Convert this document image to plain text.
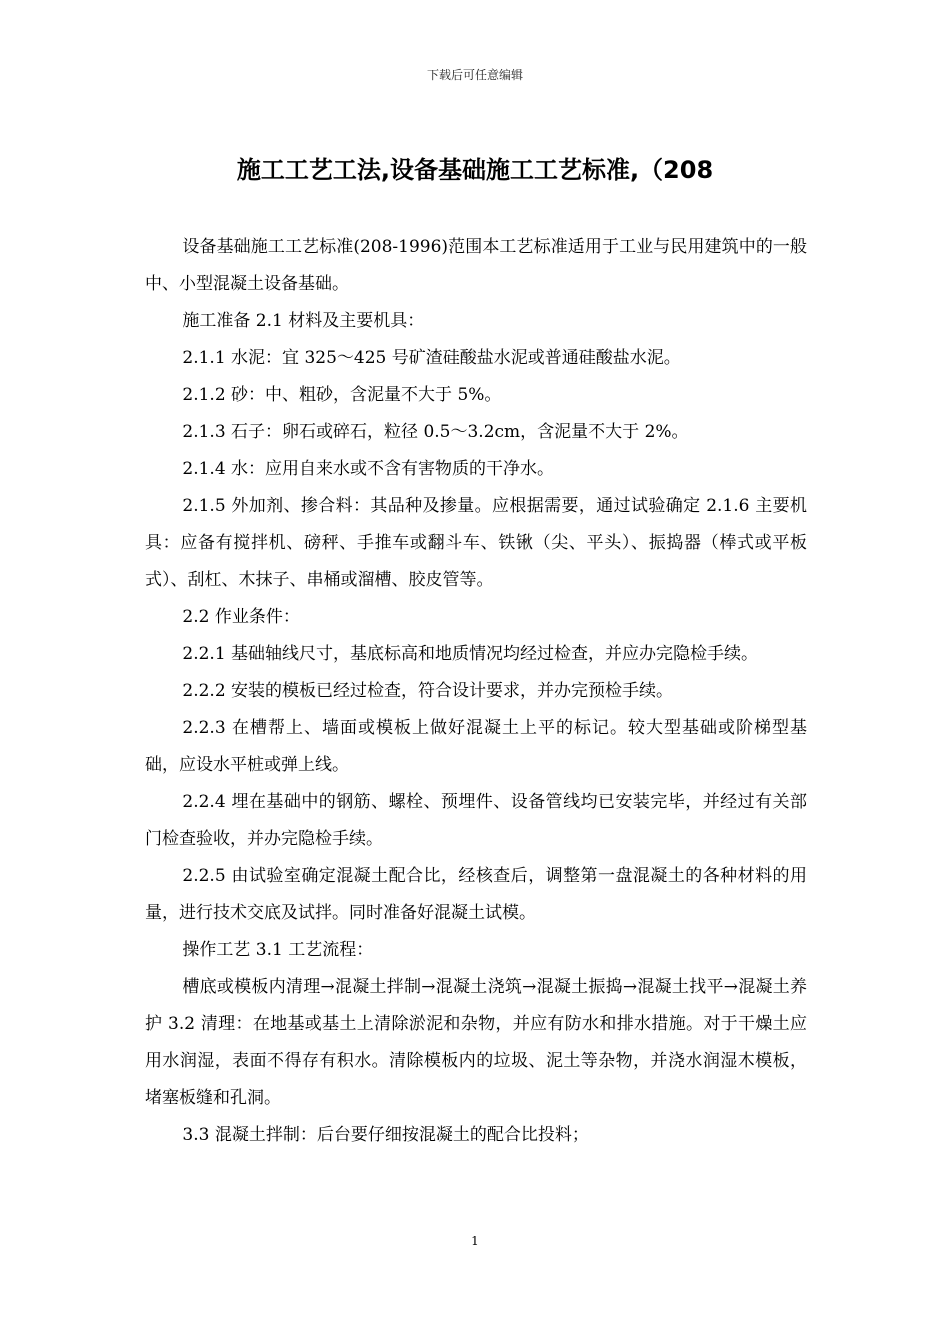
下载后可任意编辑
施工工艺工法,设备基础施工工艺标准,（208

设备基础施工工艺标准(208-1996)范围本工艺标准适用于工业与民用建筑中的一般中、小型混凝土设备基础。

施工准备 2.1 材料及主要机具：

2.1.1 水泥：宜 325～425 号矿渣硅酸盐水泥或普通硅酸盐水泥。

2.1.2 砂：中、粗砂，含泥量不大于 5%。

2.1.3 石子：卵石或碎石，粒径 0.5～3.2cm，含泥量不大于 2%。

2.1.4 水：应用自来水或不含有害物质的干净水。

2.1.5 外加剂、掺合料：其品种及掺量。应根据需要，通过试验确定 2.1.6 主要机具：应备有搅拌机、磅秤、手推车或翻斗车、铁锹（尖、平头）、振捣器（棒式或平板式）、刮杠、木抹子、串桶或溜槽、胶皮管等。

2.2 作业条件：

2.2.1 基础轴线尺寸，基底标高和地质情况均经过检查，并应办完隐检手续。

2.2.2 安装的模板已经过检查，符合设计要求，并办完预检手续。

2.2.3 在槽帮上、墙面或模板上做好混凝土上平的标记。较大型基础或阶梯型基础，应设水平桩或弹上线。

2.2.4 埋在基础中的钢筋、螺栓、预埋件、设备管线均已安装完毕，并经过有关部门检查验收，并办完隐检手续。

2.2.5 由试验室确定混凝土配合比，经核查后，调整第一盘混凝土的各种材料的用量，进行技术交底及试拌。同时准备好混凝土试模。

操作工艺 3.1 工艺流程：

槽底或模板内清理→混凝土拌制→混凝土浇筑→混凝土振捣→混凝土找平→混凝土养护 3.2 清理：在地基或基土上清除淤泥和杂物，并应有防水和排水措施。对于干燥土应用水润湿，表面不得存有积水。清除模板内的垃圾、泥土等杂物，并浇水润湿木模板，堵塞板缝和孔洞。

3.3 混凝土拌制：后台要仔细按混凝土的配合比投料；

1
